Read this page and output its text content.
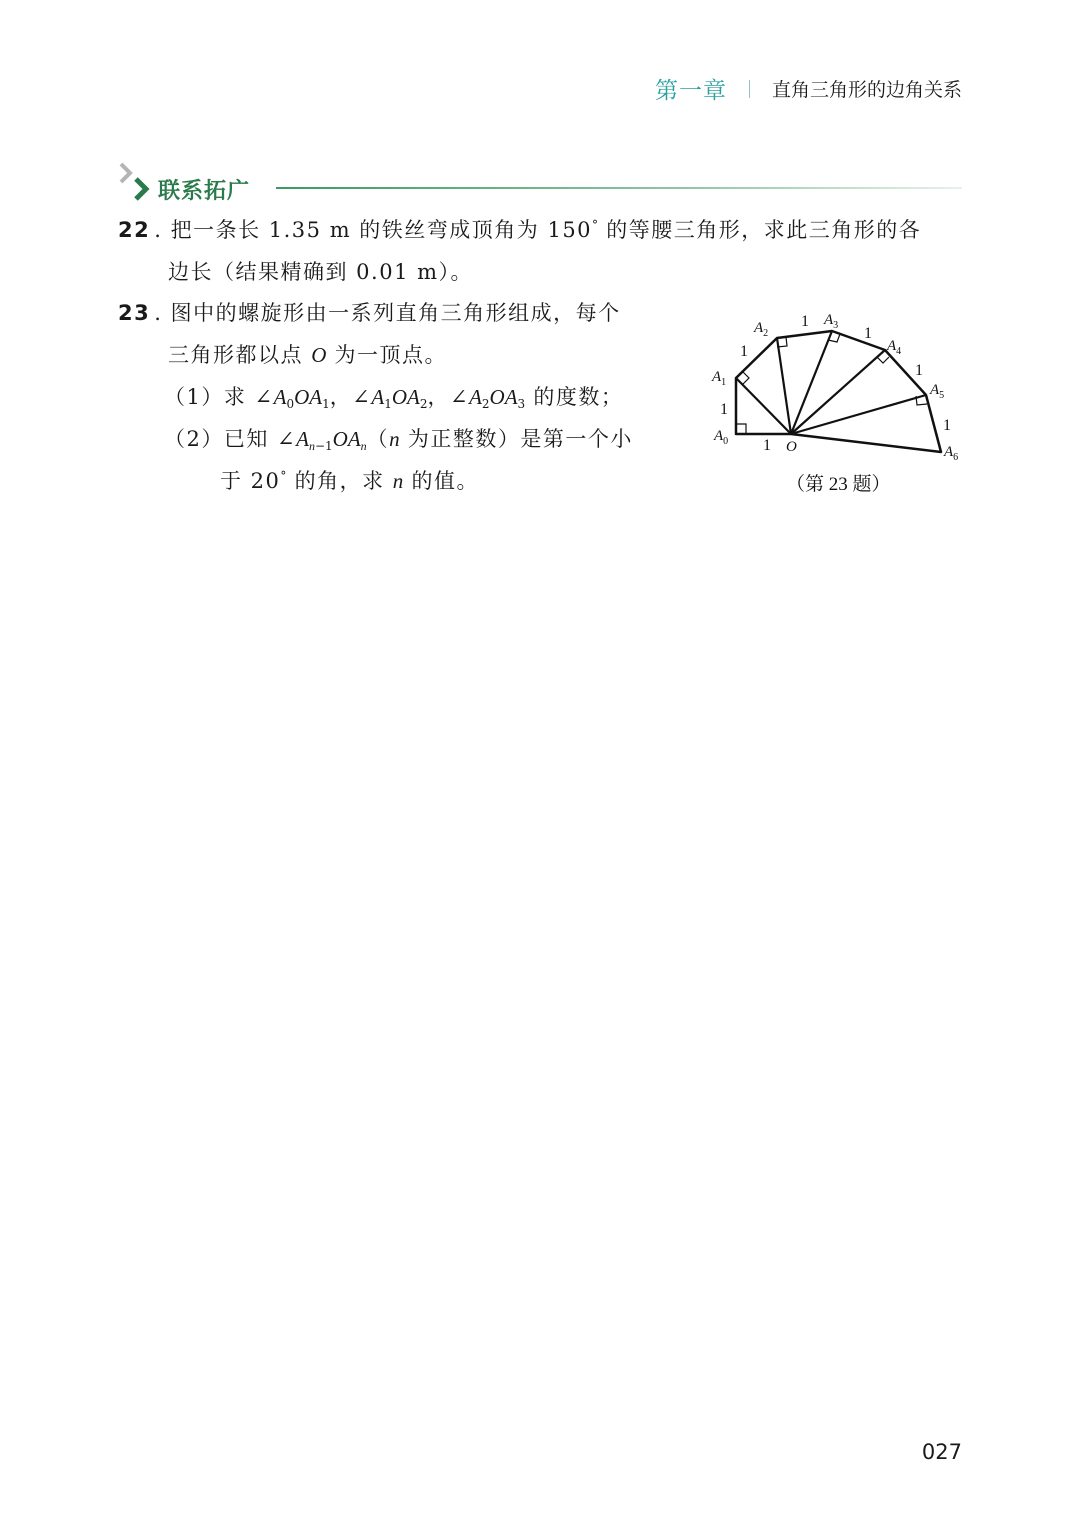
第一章 直角三角形的边角关系
联系拓广
22 . 把一条长 1.35 m 的铁丝弯成顶角为 150° 的等腰三角形，求此三角形的各
边长（结果精确到 0.01 m）。
23 . 图中的螺旋形由一系列直角三角形组成，每个
三角形都以点 O 为一顶点。
（1）求 $\angle A_0OA_1$，$\angle A_1OA_2$，$\angle A_2OA_3$ 的度数；
（2）已知 $\angle A_{n-1}OA_n(n$ 为正整数）是第一个小
于 20° 的角，求 n 的值。
1
1
1
1
1
1
1
O
$A_0$
$A_1$
$A_2$
$A_3$
$A_4$
$A_5$
$A_6$
（第 23 题）
027
